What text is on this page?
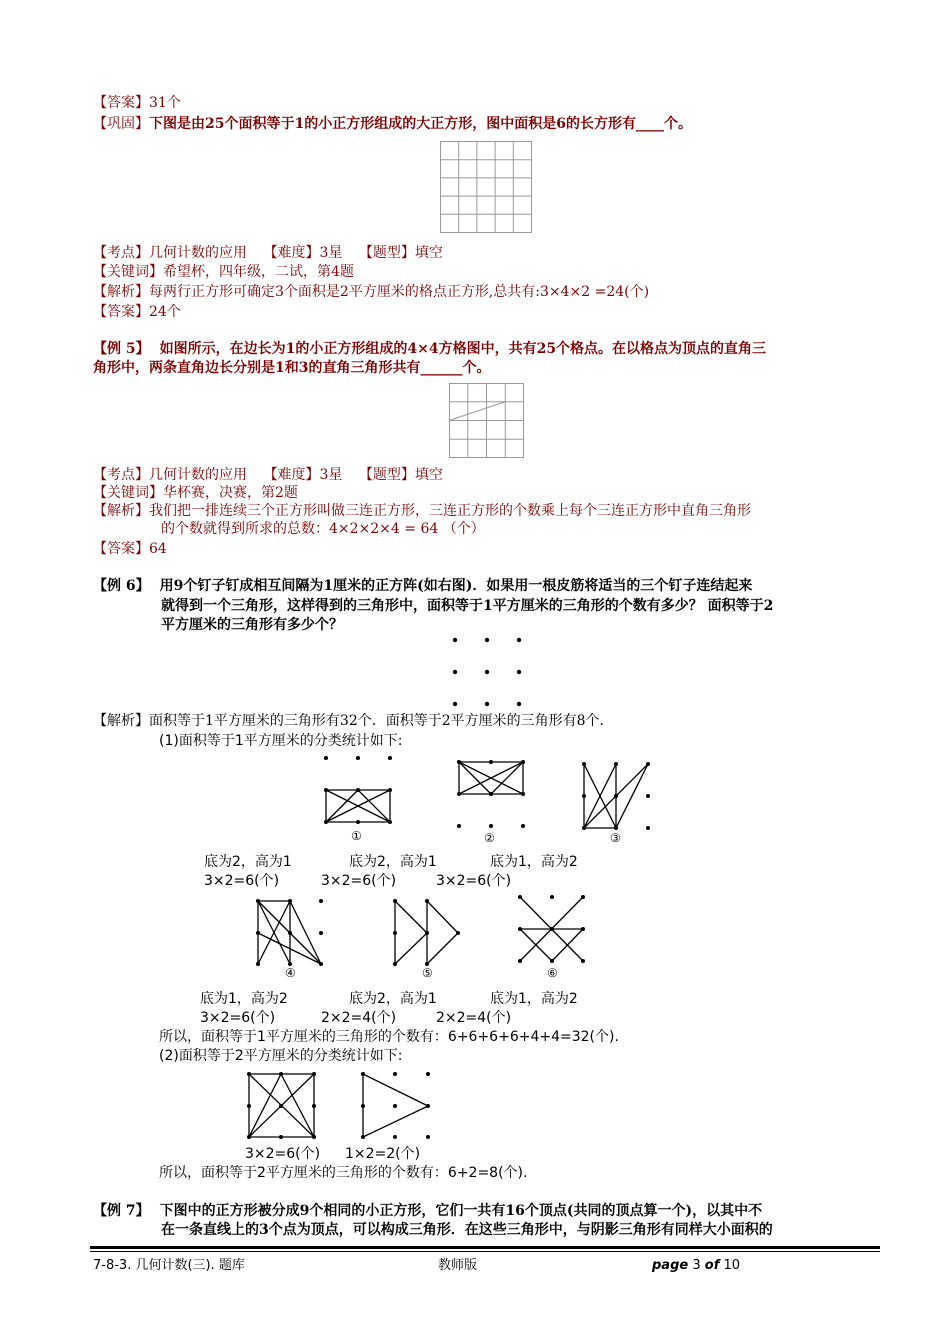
【答案】31个
【巩固】下图是由25个面积等于1的小正方形组成的大正方形，图中面积是6的长方形有____个。
【考点】几何计数的应用 【难度】3星 【题型】填空
【关键词】希望杯，四年级，二试，第4题
【解析】每两行正方形可确定3个面积是2平方厘米的格点正方形,总共有:3×4×2 =24(个)
【答案】24个
【例 5】 如图所示，在边长为1的小正方形组成的4×4方格图中，共有25个格点。在以格点为顶点的直角三
角形中，两条直角边长分别是1和3的直角三角形共有______个。
【考点】几何计数的应用 【难度】3星 【题型】填空
【关键词】华杯赛，决赛，第2题
【解析】我们把一排连续三个正方形叫做三连正方形，三连正方形的个数乘上每个三连正方形中直角三角形
的个数就得到所求的总数：4×2×2×4 = 64 （个）
【答案】64
【例 6】 用9个钉子钉成相互间隔为1厘米的正方阵(如右图)．如果用一根皮筋将适当的三个钉子连结起来
就得到一个三角形，这样得到的三角形中，面积等于1平方厘米的三角形的个数有多少？ 面积等于2
平方厘米的三角形有多少个？
【解析】面积等于1平方厘米的三角形有32个．面积等于2平方厘米的三角形有8个.
(1)面积等于1平方厘米的分类统计如下:
①	②	③
底为2，高为1
3×2=6(个)
底为2，高为1
3×2=6(个)
底为1，高为2
3×2=6(个)
④	⑤	⑥
底为1，高为2
3×2=6(个)
底为2，高为1
2×2=4(个)
底为1，高为2
2×2=4(个)
所以，面积等于1平方厘米的三角形的个数有：6+6+6+6+4+4=32(个).
(2)面积等于2平方厘米的分类统计如下:
3×2=6(个) 1×2=2(个)
所以，面积等于2平方厘米的三角形的个数有：6+2=8(个).
【例 7】 下图中的正方形被分成9个相同的小正方形，它们一共有16个顶点(共同的顶点算一个)，以其中不
在一条直线上的3个点为顶点，可以构成三角形．在这些三角形中，与阴影三角形有同样大小面积的
7-8-3. 几何计数(三). 题库	教师版	page 3 of 10
